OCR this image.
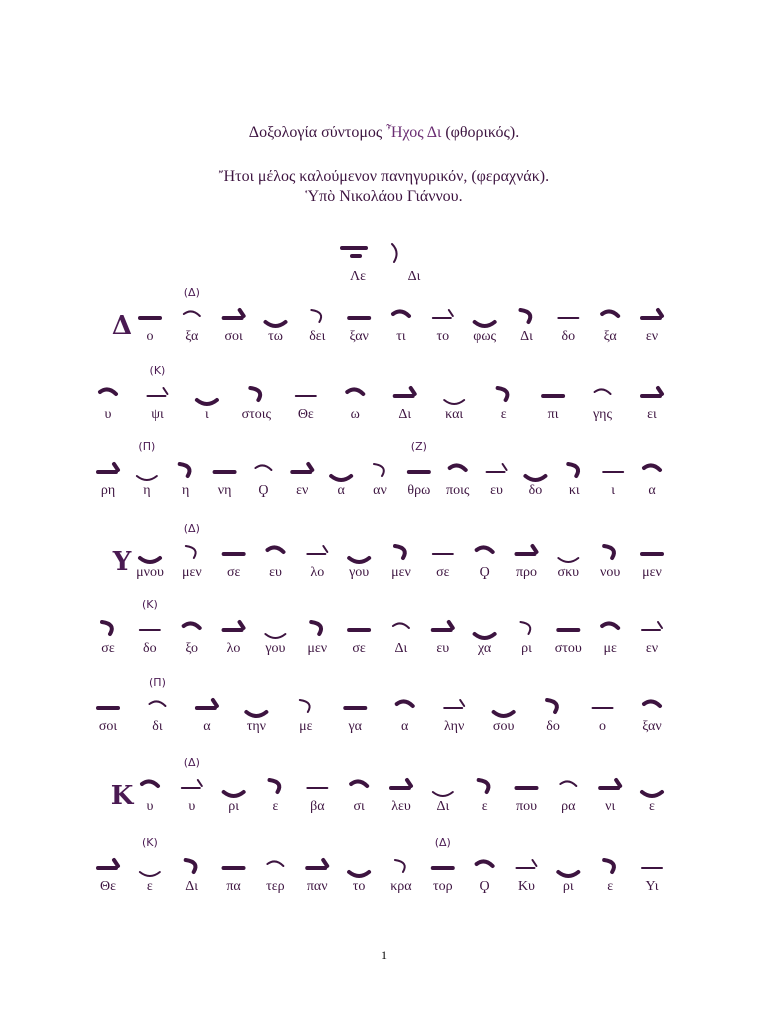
Δοξολογία σύντομος Ἦχος Δι (φθορικός).
Ἤτοι μέλος καλούμενον πανηγυρικόν, (φεραχνάκ).
Ὑπὸ Νικολάου Γιάννου.
Λε	Δι
Δ ο ξα σοι τω δει ξαν τι το φως Δι δο ξα εν
(Δ)
υ	ψι	ι στοις Θε	ω	Δι και	ε	πι γης	ει
(Κ)
ρη η η νη Ϙ εν α αν θρω ποις ευ δο κι ι α
(Π)	(Ζ)
Υ μνου μεν σε ευ λο γου μεν σε Ϙ προ σκυ νου μεν
(Δ)
σε δο ξο λο γου μεν σε Δι ευ χα ρι στου με εν
(Κ)
σοι	δι	α	την με	γα	α	λην σου δο	ο	ξαν
(Π)
Κ υ υ ρι ε βα σι λευ Δι ε που ρα νι ε
(Δ)
Θε ε Δι πα τερ παν το κρα τορ Ϙ Κυ ρι ε Υι
(Κ)	(Δ)
1
